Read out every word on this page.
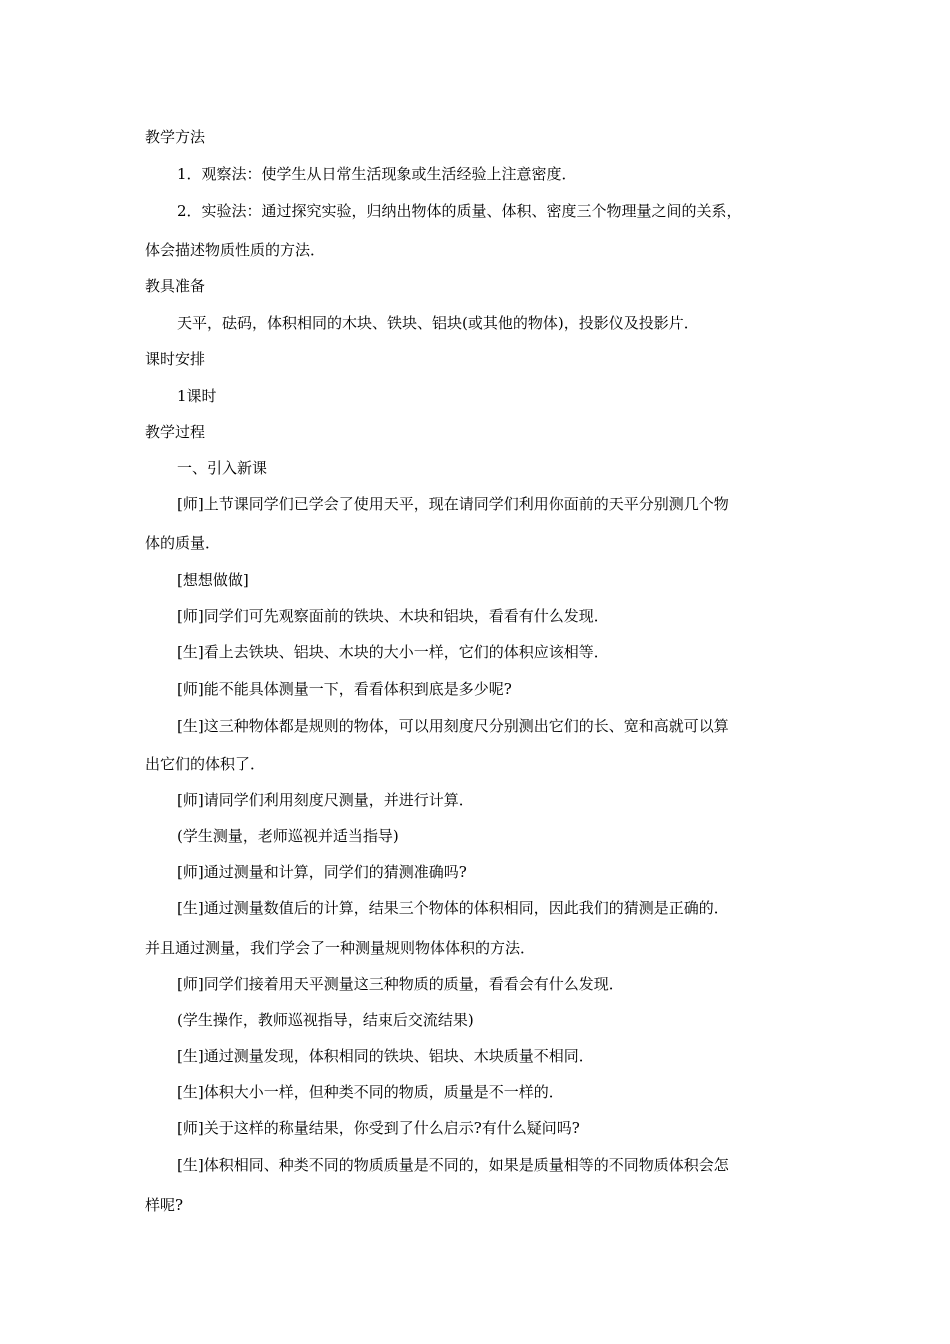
教学方法
1．观察法：使学生从日常生活现象或生活经验上注意密度．
2．实验法：通过探究实验，归纳出物体的质量、体积、密度三个物理量之间的关系，
体会描述物质性质的方法．
教具准备
天平，砝码，体积相同的木块、铁块、铝块(或其他的物体)，投影仪及投影片．
课时安排
1课时
教学过程
一、引入新课
[师]上节课同学们已学会了使用天平，现在请同学们利用你面前的天平分别测几个物
体的质量．
[想想做做]
[师]同学们可先观察面前的铁块、木块和铝块，看看有什么发现．
[生]看上去铁块、铝块、木块的大小一样，它们的体积应该相等．
[师]能不能具体测量一下，看看体积到底是多少呢?
[生]这三种物体都是规则的物体，可以用刻度尺分别测出它们的长、宽和高就可以算
出它们的体积了．
[师]请同学们利用刻度尺测量，并进行计算．
(学生测量，老师巡视并适当指导)
[师]通过测量和计算，同学们的猜测准确吗?
[生]通过测量数值后的计算，结果三个物体的体积相同，因此我们的猜测是正确的．
并且通过测量，我们学会了一种测量规则物体体积的方法．
[师]同学们接着用天平测量这三种物质的质量，看看会有什么发现．
(学生操作，教师巡视指导，结束后交流结果)
[生]通过测量发现，体积相同的铁块、铝块、木块质量不相同．
[生]体积大小一样，但种类不同的物质，质量是不一样的．
[师]关于这样的称量结果，你受到了什么启示?有什么疑问吗?
[生]体积相同、种类不同的物质质量是不同的，如果是质量相等的不同物质体积会怎
样呢?
